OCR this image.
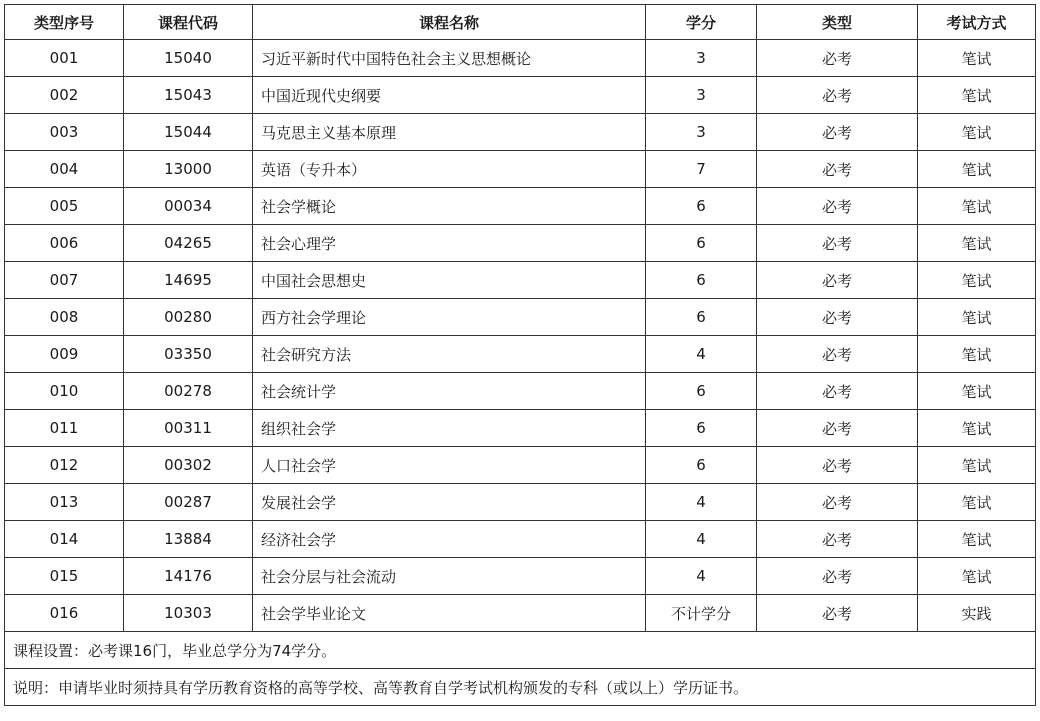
类型序号	课程代码	课程名称	学分	类型	考试方式
001	15040	习近平新时代中国特色社会主义思想概论	3	必考	笔试
002	15043	中国近现代史纲要	3	必考	笔试
003	15044	马克思主义基本原理	3	必考	笔试
004	13000	英语（专升本）	7	必考	笔试
005	00034	社会学概论	6	必考	笔试
006	04265	社会心理学	6	必考	笔试
007	14695	中国社会思想史	6	必考	笔试
008	00280	西方社会学理论	6	必考	笔试
009	03350	社会研究方法	4	必考	笔试
010	00278	社会统计学	6	必考	笔试
011	00311	组织社会学	6	必考	笔试
012	00302	人口社会学	6	必考	笔试
013	00287	发展社会学	4	必考	笔试
014	13884	经济社会学	4	必考	笔试
015	14176	社会分层与社会流动	4	必考	笔试
016	10303	社会学毕业论文	不计学分	必考	实践
课程设置：必考课16门，毕业总学分为74学分。					
说明：申请毕业时须持具有学历教育资格的高等学校、高等教育自学考试机构颁发的专科（或以上）学历证书。					
